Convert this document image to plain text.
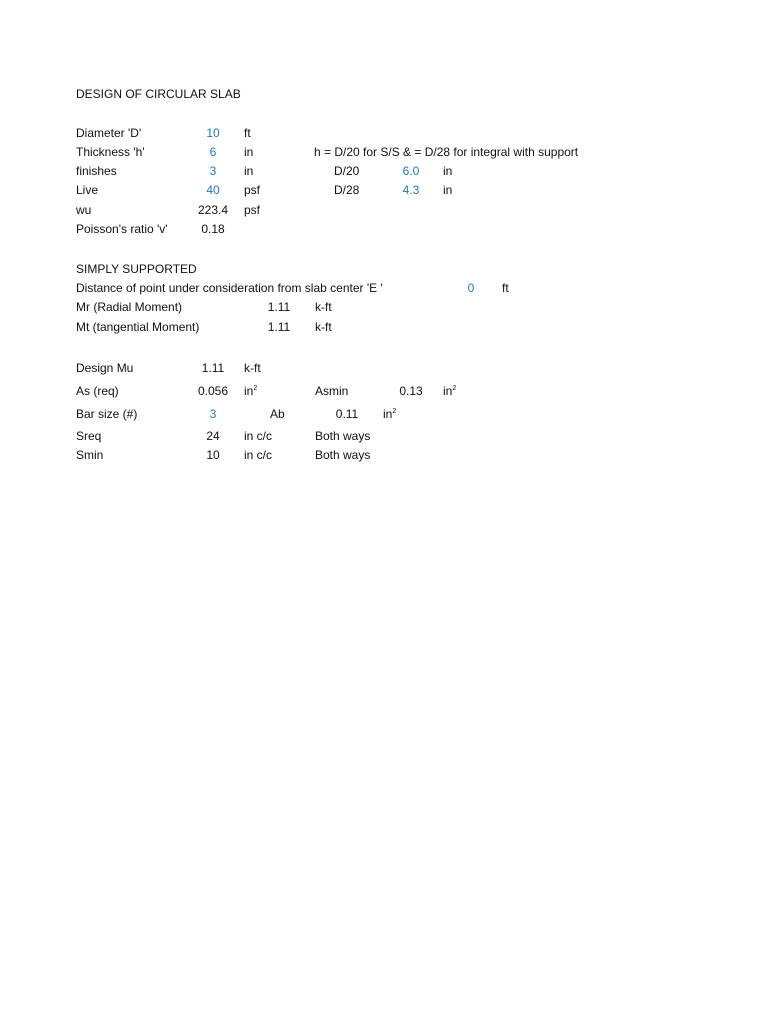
DESIGN OF CIRCULAR SLAB
Diameter 'D'	10	ft
Thickness 'h'	6	in	h = D/20 for S/S & = D/28 for integral with support
finishes	3	in	D/20	6.0	in
Live	40	psf	D/28	4.3	in
wu	223.4	psf
Poisson's ratio 'v'	0.18
SIMPLY SUPPORTED
Distance of point under consideration from slab center 'E '	0	ft
Mr (Radial Moment)	1.11	k-ft
Mt (tangential Moment)	1.11	k-ft
Design Mu	1.11	k-ft
As (req)	0.056	$in^2$	Asmin	0.13	$in^2$
Bar size (#)	3	Ab	0.11	$in^2$
Sreq	24	in c/c	Both ways
Smin	10	in c/c	Both ways
